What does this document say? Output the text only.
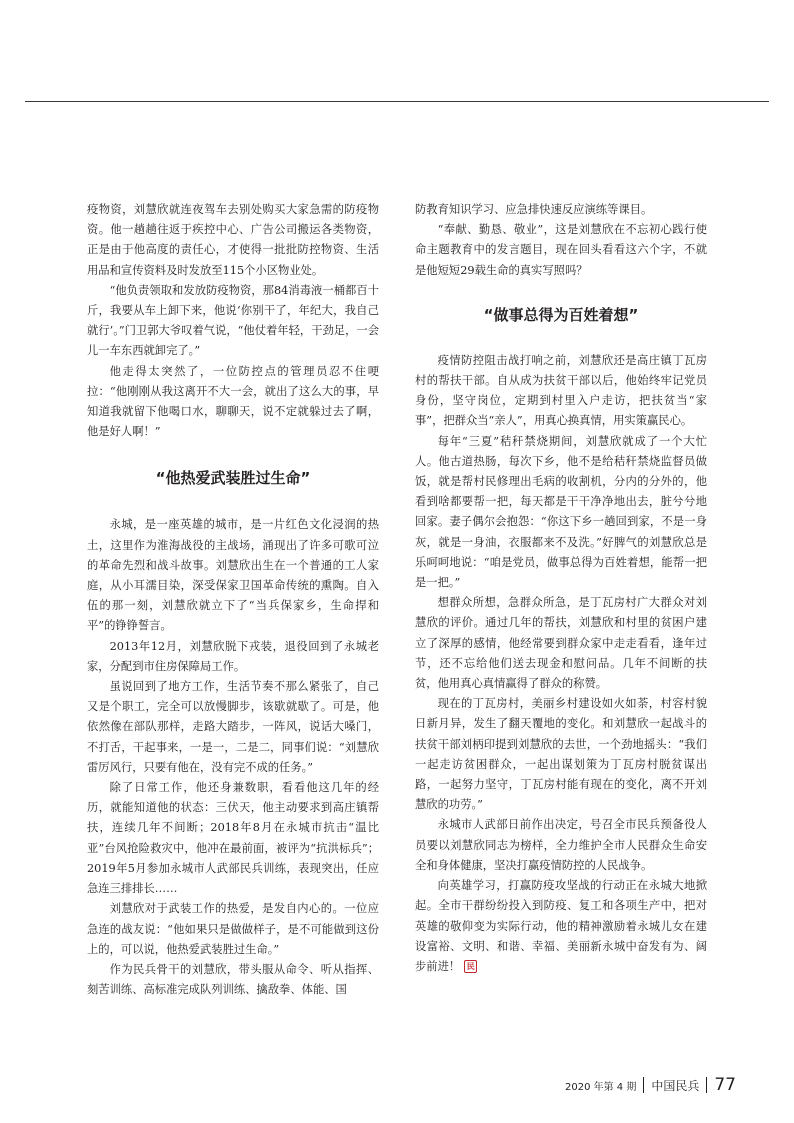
疫物资，刘慧欣就连夜驾车去别处购买大家急需的防疫物资。他一趟趟往返于疾控中心、广告公司搬运各类物资，正是由于他高度的责任心，才使得一批批防控物资、生活用品和宣传资料及时发放至115个小区物业处。

“他负责领取和发放防疫物资，那84消毒液一桶都百十斤，我要从车上卸下来，他说‘你别干了，年纪大，我自己就行’。”门卫郭大爷叹着气说，“他仗着年轻，干劲足，一会儿一车东西就卸完了。”

他走得太突然了，一位防控点的管理员忍不住哽拉：“他刚刚从我这离开不大一会，就出了这么大的事，早知道我就留下他喝口水，聊聊天，说不定就躲过去了啊，他是好人啊！”

“他热爱武装胜过生命”

永城，是一座英雄的城市，是一片红色文化浸润的热土，这里作为淮海战役的主战场，涌现出了许多可歌可泣的革命先烈和战斗故事。刘慧欣出生在一个普通的工人家庭，从小耳濡目染，深受保家卫国革命传统的熏陶。自入伍的那一刻，刘慧欣就立下了“当兵保家乡，生命捍和平”的铮铮誓言。

2013年12月，刘慧欣脱下戎装，退役回到了永城老家，分配到市住房保障局工作。

虽说回到了地方工作，生活节奏不那么紧张了，自己又是个职工，完全可以放慢脚步，该歇就歇了。可是，他依然像在部队那样，走路大踏步，一阵风，说话大嗓门，不打舌，干起事来，一是一，二是二，同事们说：“刘慧欣雷厉风行，只要有他在，没有完不成的任务。”

除了日常工作，他还身兼数职，看看他这几年的经历，就能知道他的状态：三伏天，他主动要求到高庄镇帮扶，连续几年不间断；2018年8月在永城市抗击“温比亚”台风抢险救灾中，他冲在最前面，被评为“抗洪标兵”；2019年5月参加永城市人武部民兵训练，表现突出，任应急连三排排长……

刘慧欣对于武装工作的热爱，是发自内心的。一位应急连的战友说：“他如果只是做做样子，是不可能做到这份上的，可以说，他热爱武装胜过生命。”

作为民兵骨干的刘慧欣，带头服从命令、听从指挥、刻苦训练、高标准完成队列训练、擒敌拳、体能、国

防教育知识学习、应急排快速反应演练等课目。

“奉献、勤恳、敬业”，这是刘慧欣在不忘初心践行使命主题教育中的发言题目，现在回头看看这六个字，不就是他短短29载生命的真实写照吗？

“做事总得为百姓着想”

疫情防控阻击战打响之前，刘慧欣还是高庄镇丁瓦房村的帮扶干部。自从成为扶贫干部以后，他始终牢记党员身份，坚守岗位，定期到村里入户走访，把扶贫当“家事”，把群众当“亲人”，用真心换真情，用实策赢民心。

每年“三夏”秸秆禁烧期间，刘慧欣就成了一个大忙人。他古道热肠，每次下乡，他不是给秸秆禁烧监督员做饭，就是帮村民修理出毛病的收割机，分内的分外的，他看到啥都要帮一把，每天都是干干净净地出去，脏兮兮地回家。妻子偶尔会抱怨：“你这下乡一趟回到家，不是一身灰，就是一身油，衣服都来不及洗。”好脾气的刘慧欣总是乐呵呵地说：“咱是党员，做事总得为百姓着想，能帮一把是一把。”

想群众所想，急群众所急，是丁瓦房村广大群众对刘慧欣的评价。通过几年的帮扶，刘慧欣和村里的贫困户建立了深厚的感情，他经常要到群众家中走走看看，逢年过节，还不忘给他们送去现金和慰问品。几年不间断的扶贫，他用真心真情赢得了群众的称赞。

现在的丁瓦房村，美丽乡村建设如火如荼，村容村貌日新月异，发生了翻天覆地的变化。和刘慧欣一起战斗的扶贫干部刘柄印提到刘慧欣的去世，一个劲地摇头：“我们一起走访贫困群众，一起出谋划策为丁瓦房村脱贫谋出路，一起努力坚守，丁瓦房村能有现在的变化，离不开刘慧欣的功劳。”

永城市人武部日前作出决定，号召全市民兵预备役人员要以刘慧欣同志为榜样，全力维护全市人民群众生命安全和身体健康，坚决打赢疫情防控的人民战争。

向英雄学习，打赢防疫攻坚战的行动正在永城大地掀起。全市干群纷纷投入到防疫、复工和各项生产中，把对英雄的敬仰变为实际行动，他的精神激励着永城儿女在建设富裕、文明、和谐、幸福、美丽新永城中奋发有为、阔步前进！ 民

2020 年第 4 期 中国民兵 77
